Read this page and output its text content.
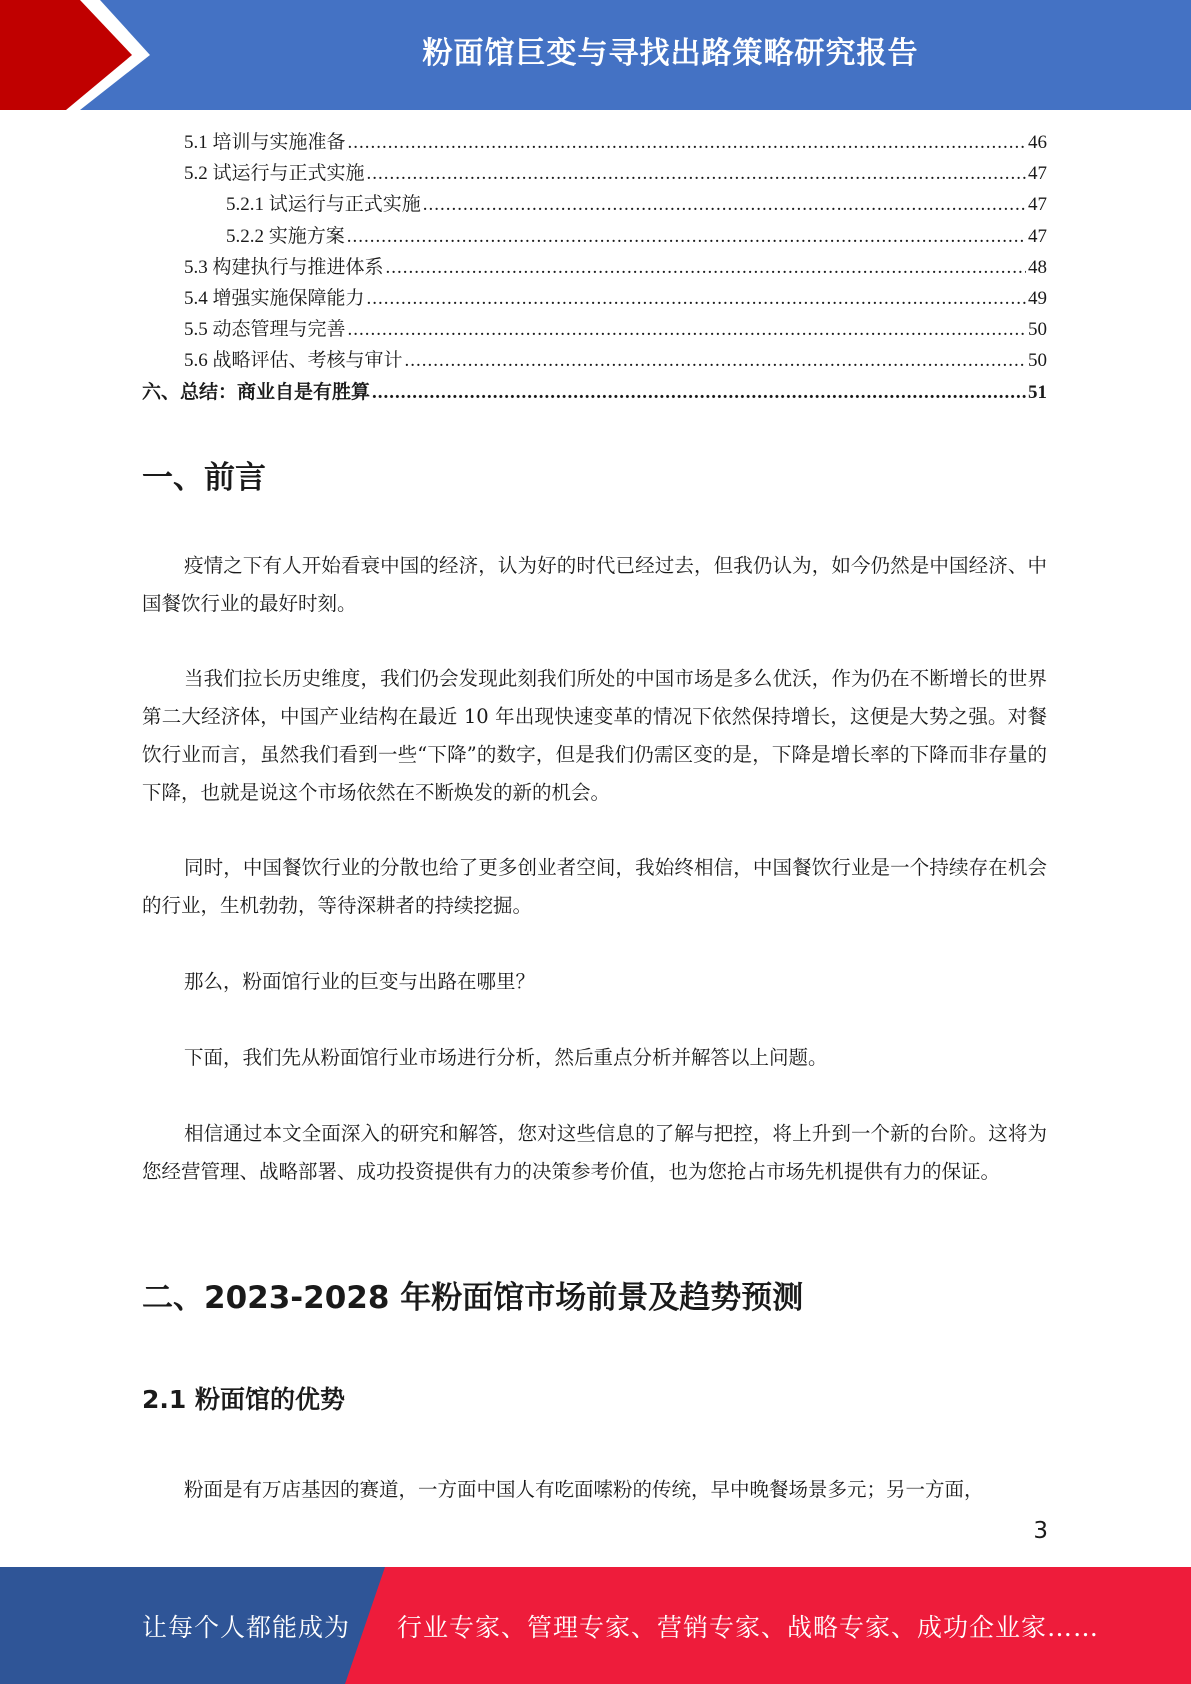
粉面馆巨变与寻找出路策略研究报告
5.1 培训与实施准备 .....	46
5.2 试运行与正式实施 .....	47
5.2.1 试运行与正式实施 .....	47
5.2.2 实施方案 .....	47
5.3 构建执行与推进体系 .....	48
5.4 增强实施保障能力 .....	49
5.5 动态管理与完善 .....	50
5.6 战略评估、考核与审计 .....	50
六、总结：商业自是有胜算 .....	51
一、前言

疫情之下有人开始看衰中国的经济，认为好的时代已经过去，但我仍认为，如今仍然是中国经济、中国餐饮行业的最好时刻。

当我们拉长历史维度，我们仍会发现此刻我们所处的中国市场是多么优沃，作为仍在不断增长的世界第二大经济体，中国产业结构在最近 10 年出现快速变革的情况下依然保持增长，这便是大势之强。对餐饮行业而言，虽然我们看到一些“下降”的数字，但是我们仍需区变的是，下降是增长率的下降而非存量的下降，也就是说这个市场依然在不断焕发的新的机会。

同时，中国餐饮行业的分散也给了更多创业者空间，我始终相信，中国餐饮行业是一个持续存在机会的行业，生机勃勃，等待深耕者的持续挖掘。

那么，粉面馆行业的巨变与出路在哪里？

下面，我们先从粉面馆行业市场进行分析，然后重点分析并解答以上问题。

相信通过本文全面深入的研究和解答，您对这些信息的了解与把控，将上升到一个新的台阶。这将为您经营管理、战略部署、成功投资提供有力的决策参考价值，也为您抢占市场先机提供有力的保证。

二、2023-2028 年粉面馆市场前景及趋势预测
2.1 粉面馆的优势

粉面是有万店基因的赛道，一方面中国人有吃面嗦粉的传统，早中晚餐场景多元；另一方面，

3
让每个人都能成为 行业专家、管理专家、营销专家、战略专家、成功企业家……
